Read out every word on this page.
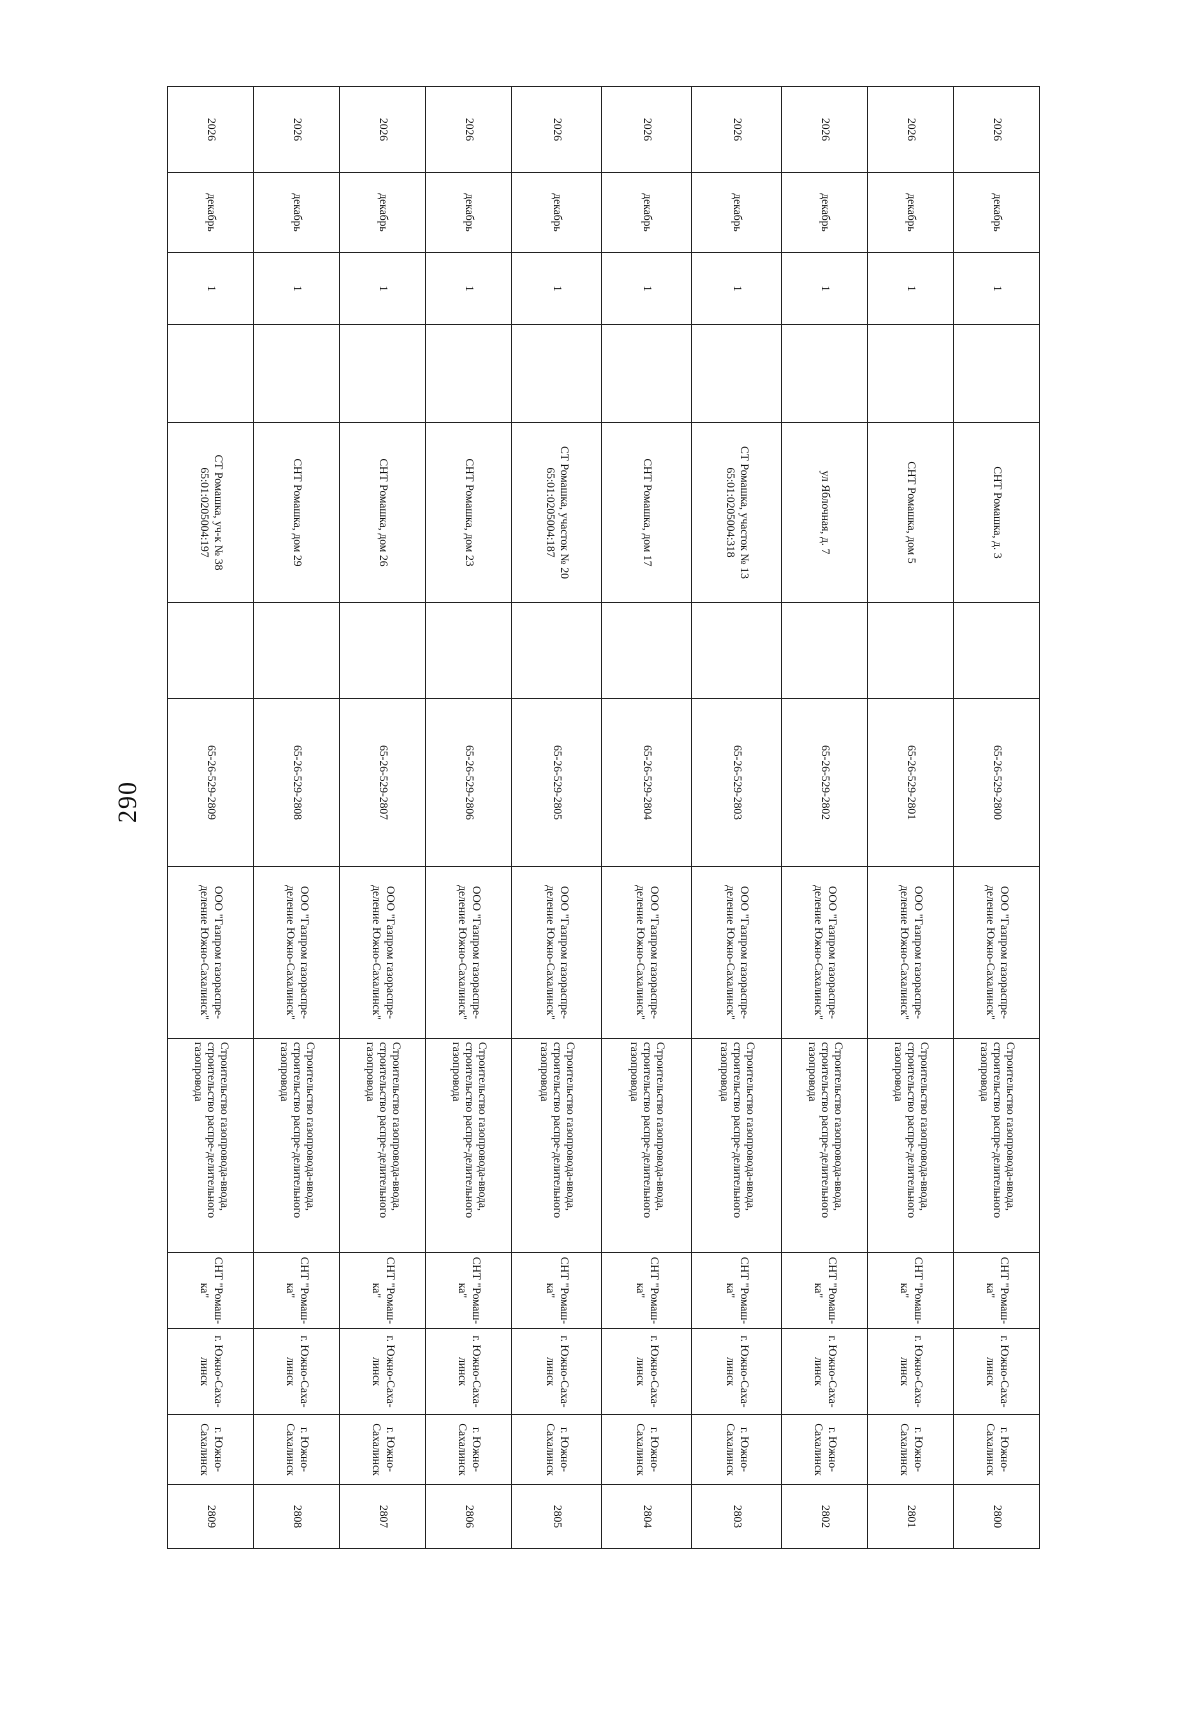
290
2026	декабрь	1		СНТ Ромашка, д. 3		65-26-529-2800	ООО "Газпром газораспре-деление Южно-Сахалинск"	Строительство газопровода-ввода, строительство распре-делительного газопровода	СНТ "Ромаш-ка"	г. Южно-Саха-линск	г. Южно-Сахалинск	2800
2026	декабрь	1		СНТ Ромашка, дом 5		65-26-529-2801	ООО "Газпром газораспре-деление Южно-Сахалинск"	Строительство газопровода-ввода, строительство распре-делительного газопровода	СНТ "Ромаш-ка"	г. Южно-Саха-линск	г. Южно-Сахалинск	2801
2026	декабрь	1		ул Яблочная, д. 7		65-26-529-2802	ООО "Газпром газораспре-деление Южно-Сахалинск"	Строительство газопровода-ввода, строительство распре-делительного газопровода	СНТ "Ромаш-ка"	г. Южно-Саха-линск	г. Южно-Сахалинск	2802
2026	декабрь	1		СТ Ромашка, участок № 13 65:01:0205004:318		65-26-529-2803	ООО "Газпром газораспре-деление Южно-Сахалинск"	Строительство газопровода-ввода, строительство распре-делительного газопровода	СНТ "Ромаш-ка"	г. Южно-Саха-линск	г. Южно-Сахалинск	2803
2026	декабрь	1		СНТ Ромашка, дом 17		65-26-529-2804	ООО "Газпром газораспре-деление Южно-Сахалинск"	Строительство газопровода-ввода, строительство распре-делительного газопровода	СНТ "Ромаш-ка"	г. Южно-Саха-линск	г. Южно-Сахалинск	2804
2026	декабрь	1		СТ Ромашка, участок № 20 65:01:0205004:187		65-26-529-2805	ООО "Газпром газораспре-деление Южно-Сахалинск"	Строительство газопровода-ввода, строительство распре-делительного газопровода	СНТ "Ромаш-ка"	г. Южно-Саха-линск	г. Южно-Сахалинск	2805
2026	декабрь	1		СНТ Ромашка, дом 23		65-26-529-2806	ООО "Газпром газораспре-деление Южно-Сахалинск"	Строительство газопровода-ввода, строительство распре-делительного газопровода	СНТ "Ромаш-ка"	г. Южно-Саха-линск	г. Южно-Сахалинск	2806
2026	декабрь	1		СНТ Ромашка, дом 26		65-26-529-2807	ООО "Газпром газораспре-деление Южно-Сахалинск"	Строительство газопровода-ввода, строительство распре-делительного газопровода	СНТ "Ромаш-ка"	г. Южно-Саха-линск	г. Южно-Сахалинск	2807
2026	декабрь	1		СНТ Ромашка, дом 29		65-26-529-2808	ООО "Газпром газораспре-деление Южно-Сахалинск"	Строительство газопровода-ввода, строительство распре-делительного газопровода	СНТ "Ромаш-ка"	г. Южно-Саха-линск	г. Южно-Сахалинск	2808
2026	декабрь	1		СТ Ромашка, уч-к № 38 65:01:0205004:197		65-26-529-2809	ООО "Газпром газораспре-деление Южно-Сахалинск"	Строительство газопровода-ввода, строительство распре-делительного газопровода	СНТ "Ромаш-ка"	г. Южно-Саха-линск	г. Южно-Сахалинск	2809
